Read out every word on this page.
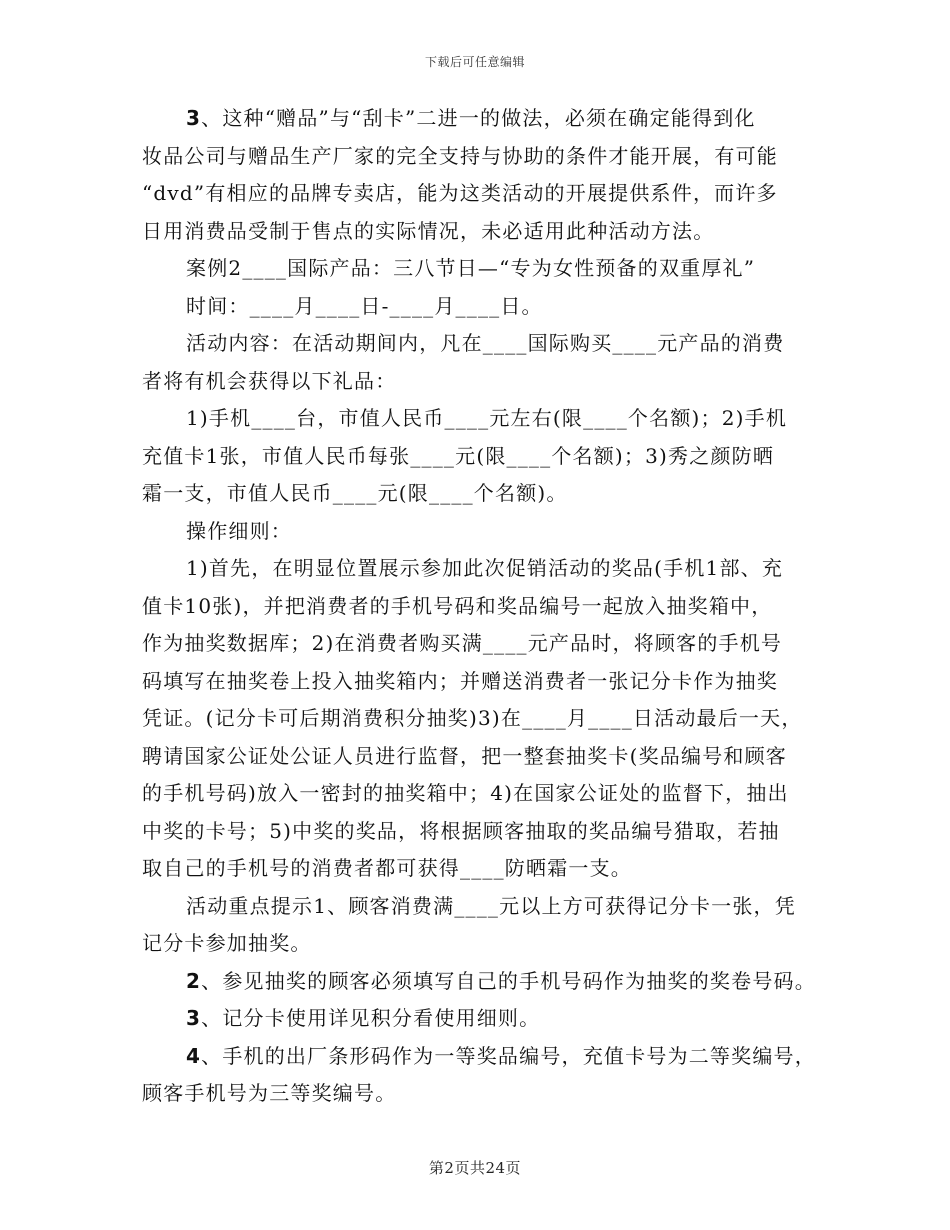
下载后可任意编辑
3、这种“赠品”与“刮卡”二进一的做法，必须在确定能得到化
妆品公司与赠品生产厂家的完全支持与协助的条件才能开展，有可能
“dvd”有相应的品牌专卖店，能为这类活动的开展提供系件，而许多
日用消费品受制于售点的实际情况，未必适用此种活动方法。
案例2____国际产品：三八节日—“专为女性预备的双重厚礼”
时间：____月____日-____月____日。
活动内容：在活动期间内，凡在____国际购买____元产品的消费
者将有机会获得以下礼品：
1)手机____台，市值人民币____元左右(限____个名额)；2)手机
充值卡1张，市值人民币每张____元(限____个名额)；3)秀之颜防晒
霜一支，市值人民币____元(限____个名额)。
操作细则：
1)首先，在明显位置展示参加此次促销活动的奖品(手机1部、充
值卡10张)，并把消费者的手机号码和奖品编号一起放入抽奖箱中，
作为抽奖数据库；2)在消费者购买满____元产品时，将顾客的手机号
码填写在抽奖卷上投入抽奖箱内；并赠送消费者一张记分卡作为抽奖
凭证。(记分卡可后期消费积分抽奖)3)在____月____日活动最后一天，
聘请国家公证处公证人员进行监督，把一整套抽奖卡(奖品编号和顾客
的手机号码)放入一密封的抽奖箱中；4)在国家公证处的监督下，抽出
中奖的卡号；5)中奖的奖品，将根据顾客抽取的奖品编号猎取，若抽
取自己的手机号的消费者都可获得____防晒霜一支。
活动重点提示1、顾客消费满____元以上方可获得记分卡一张，凭
记分卡参加抽奖。
2、参见抽奖的顾客必须填写自己的手机号码作为抽奖的奖卷号码。
3、记分卡使用详见积分看使用细则。
4、手机的出厂条形码作为一等奖品编号，充值卡号为二等奖编号，
顾客手机号为三等奖编号。
第2页共24页
